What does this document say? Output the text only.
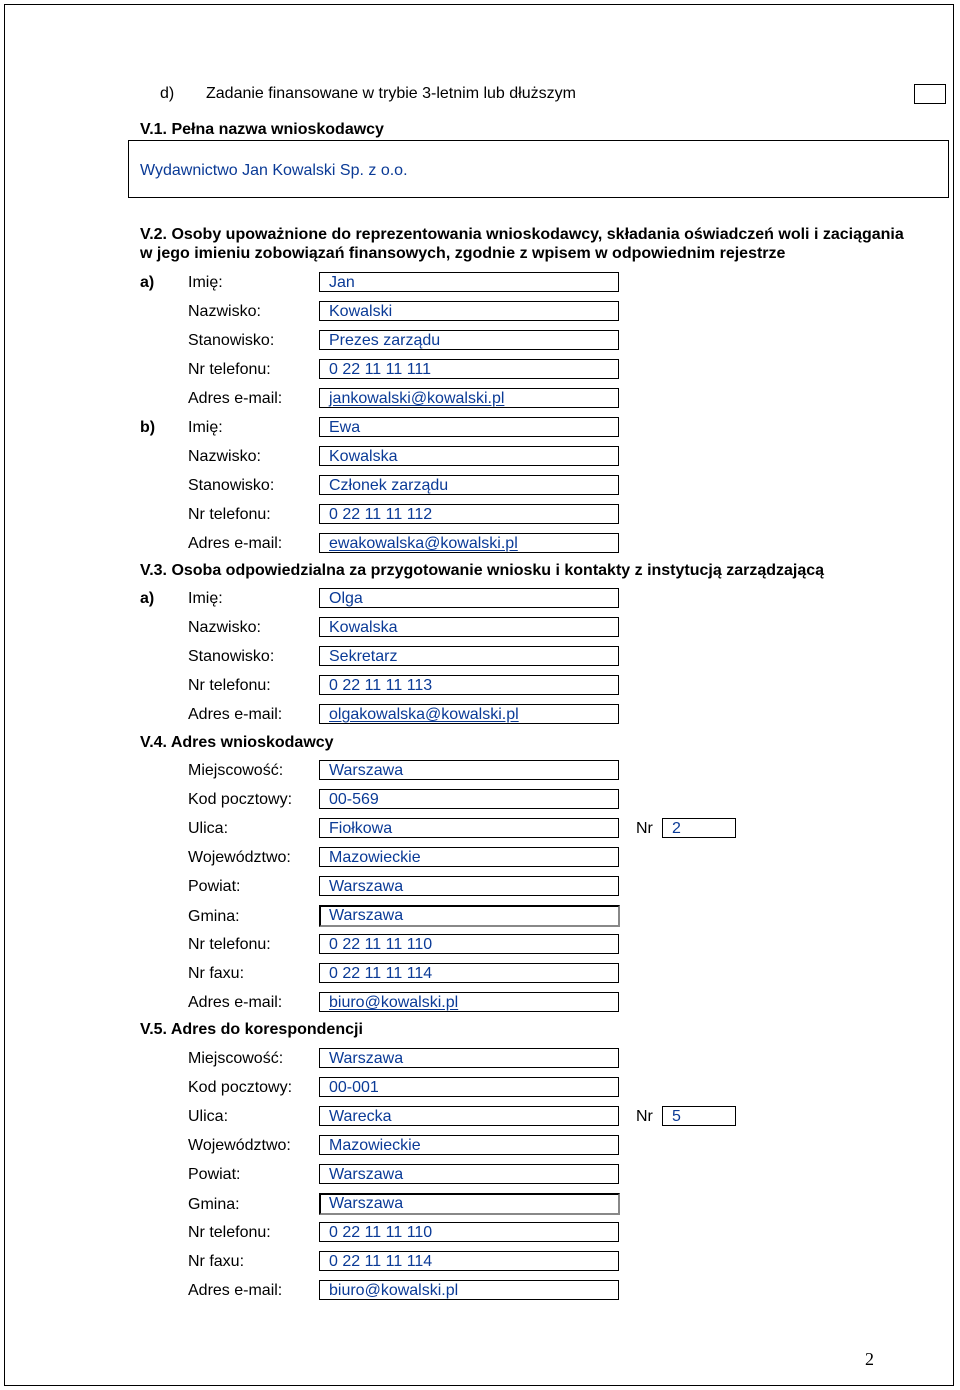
d) Zadanie finansowane w trybie 3-letnim lub dłuższym
V.1. Pełna nazwa wnioskodawcy
Wydawnictwo Jan Kowalski Sp. z o.o.
V.2. Osoby upoważnione do reprezentowania wnioskodawcy, składania oświadczeń woli i zaciągania
w jego imieniu zobowiązań finansowych, zgodnie z wpisem w odpowiednim rejestrze
a) Imię:	Jan
Nazwisko:	Kowalski
Stanowisko:	Prezes zarządu
Nr telefonu:	0 22 11 11 111
Adres e-mail:	jankowalski@kowalski.pl
b) Imię:	Ewa
Nazwisko:	Kowalska
Stanowisko:	Członek zarządu
Nr telefonu:	0 22 11 11 112
Adres e-mail:	ewakowalska@kowalski.pl
V.3. Osoba odpowiedzialna za przygotowanie wniosku i kontakty z instytucją zarządzającą
a) Imię:	Olga
Nazwisko:	Kowalska
Stanowisko:	Sekretarz
Nr telefonu:	0 22 11 11 113
Adres e-mail:	olgakowalska@kowalski.pl
V.4. Adres wnioskodawcy
Miejscowość:	Warszawa
Kod pocztowy:	00-569
Ulica:	Fiołkowa	Nr	2
Województwo:	Mazowieckie
Powiat:	Warszawa
Gmina:	Warszawa
Nr telefonu:	0 22 11 11 110
Nr faxu:	0 22 11 11 114
Adres e-mail:	biuro@kowalski.pl
V.5. Adres do korespondencji
Miejscowość:	Warszawa
Kod pocztowy:	00-001
Ulica:	Warecka	Nr	5
Województwo:	Mazowieckie
Powiat:	Warszawa
Gmina:	Warszawa
Nr telefonu:	0 22 11 11 110
Nr faxu:	0 22 11 11 114
Adres e-mail:	biuro@kowalski.pl
2
